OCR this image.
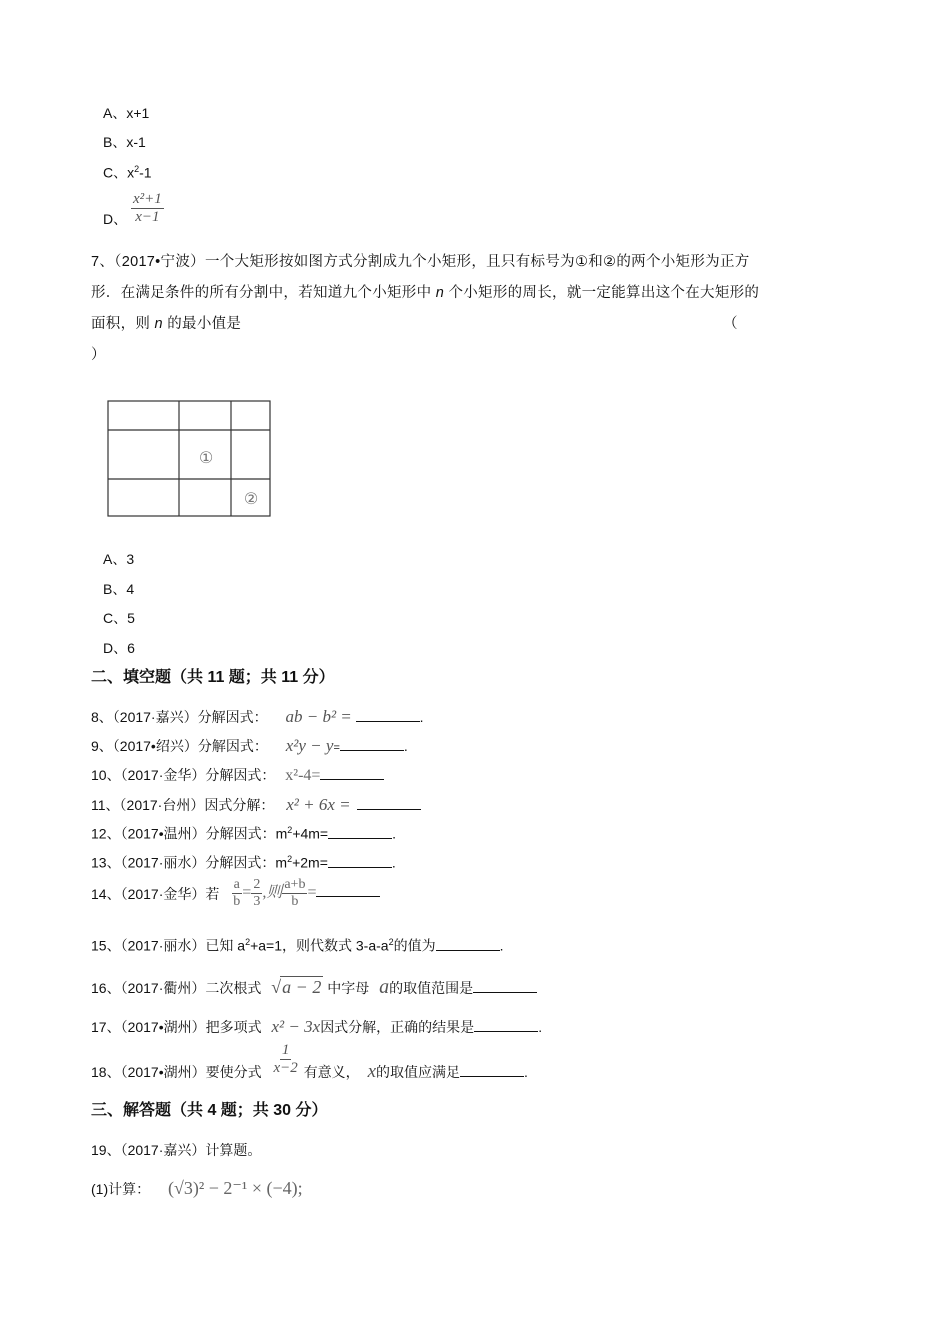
A、x+1
B、x-1
C、$x^2-1$
D、 $\frac{\text{x²+1}}{x-1}$
7、（2017•宁波）一个大矩形按如图方式分割成九个小矩形，且只有标号为①和②的两个小矩形为正方
形．在满足条件的所有分割中，若知道九个小矩形中 n 个小矩形的周长，就一定能算出这个在大矩形的
面积，则 n 的最小值是	（
）
①
②
A、3
B、4
C、5
D、6
二、填空题（共 11 题；共 11 分）
8、（2017·嘉兴）分解因式： ab − b² =	.
9、（2017•绍兴）分解因式： x²y − y=	.
10、（2017·金华）分解因式： x²-4=
11、（2017·台州）因式分解： x² + 6x =
12、（2017•温州）分解因式：$m^2+4m=$	.
13、（2017·丽水）分解因式：$m^2+2m=$	.
14、（2017·金华）若 $\frac{a}{b} = \frac{2}{3}$ ,则 $\frac{a+b}{b}$ =
15、（2017·丽水）已知 $a^2+a=1$，则代数式 $3-a-a^2$的值为	.
16、（2017·衢州）二次根式 √a − 2 中字母 a的取值范围是
17、（2017•湖州）把多项式 x² − 3x因式分解，正确的结果是	.
18、（2017•湖州）要使分式 $\frac{1}{x-2}$ 有意义， x的取值应满足	.
三、解答题（共 4 题；共 30 分）
19、（2017·嘉兴）计算题。
(1)计算： (√3)² − 2⁻¹ × (−4);
